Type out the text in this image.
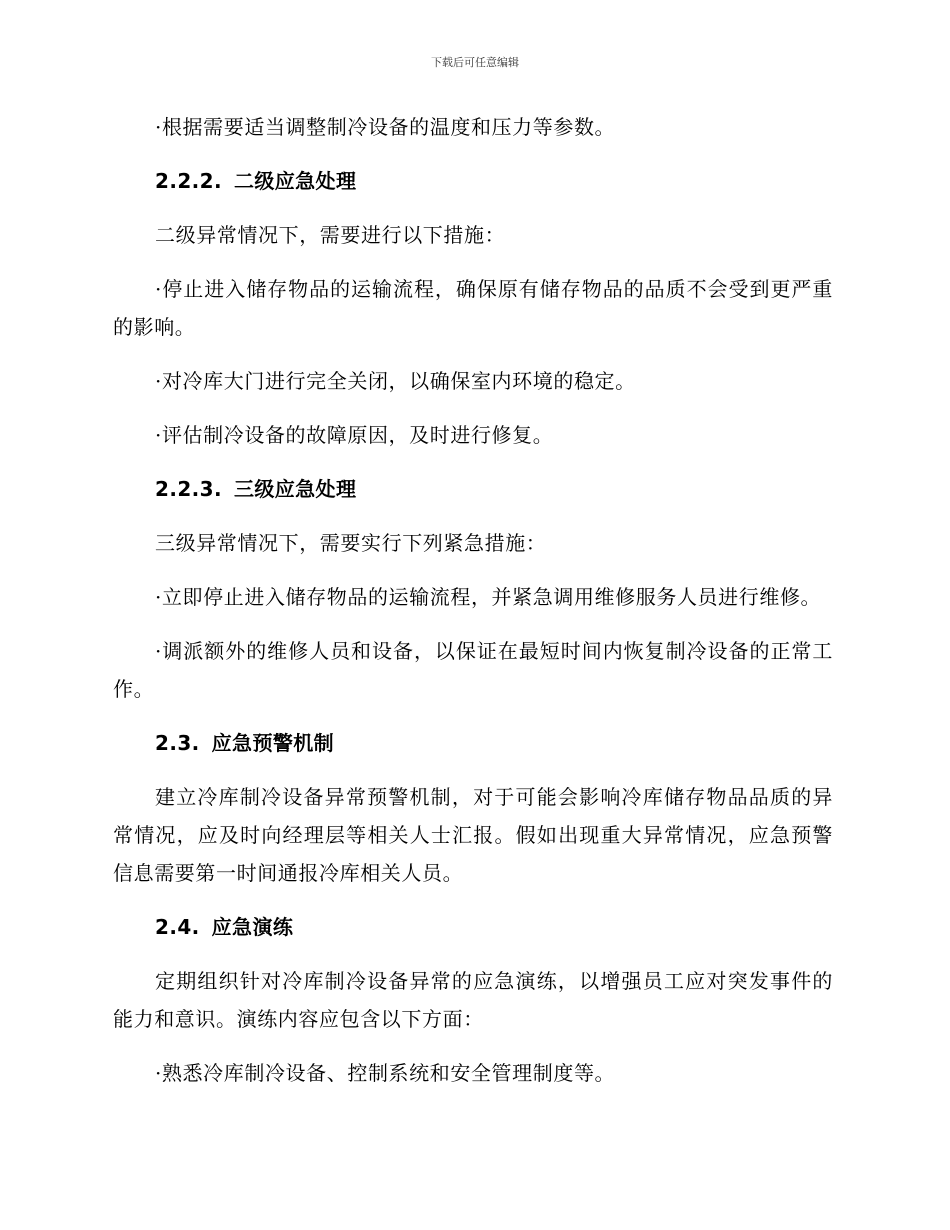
下载后可任意编辑

·根据需要适当调整制冷设备的温度和压力等参数。

2.2.2. 二级应急处理

二级异常情况下，需要进行以下措施：

·停止进入储存物品的运输流程，确保原有储存物品的品质不会受到更严重的影响。

·对冷库大门进行完全关闭，以确保室内环境的稳定。

·评估制冷设备的故障原因，及时进行修复。

2.2.3. 三级应急处理

三级异常情况下，需要实行下列紧急措施：

·立即停止进入储存物品的运输流程，并紧急调用维修服务人员进行维修。

·调派额外的维修人员和设备，以保证在最短时间内恢复制冷设备的正常工作。

2.3. 应急预警机制

建立冷库制冷设备异常预警机制，对于可能会影响冷库储存物品品质的异常情况，应及时向经理层等相关人士汇报。假如出现重大异常情况，应急预警信息需要第一时间通报冷库相关人员。

2.4. 应急演练

定期组织针对冷库制冷设备异常的应急演练，以增强员工应对突发事件的能力和意识。演练内容应包含以下方面：

·熟悉冷库制冷设备、控制系统和安全管理制度等。
